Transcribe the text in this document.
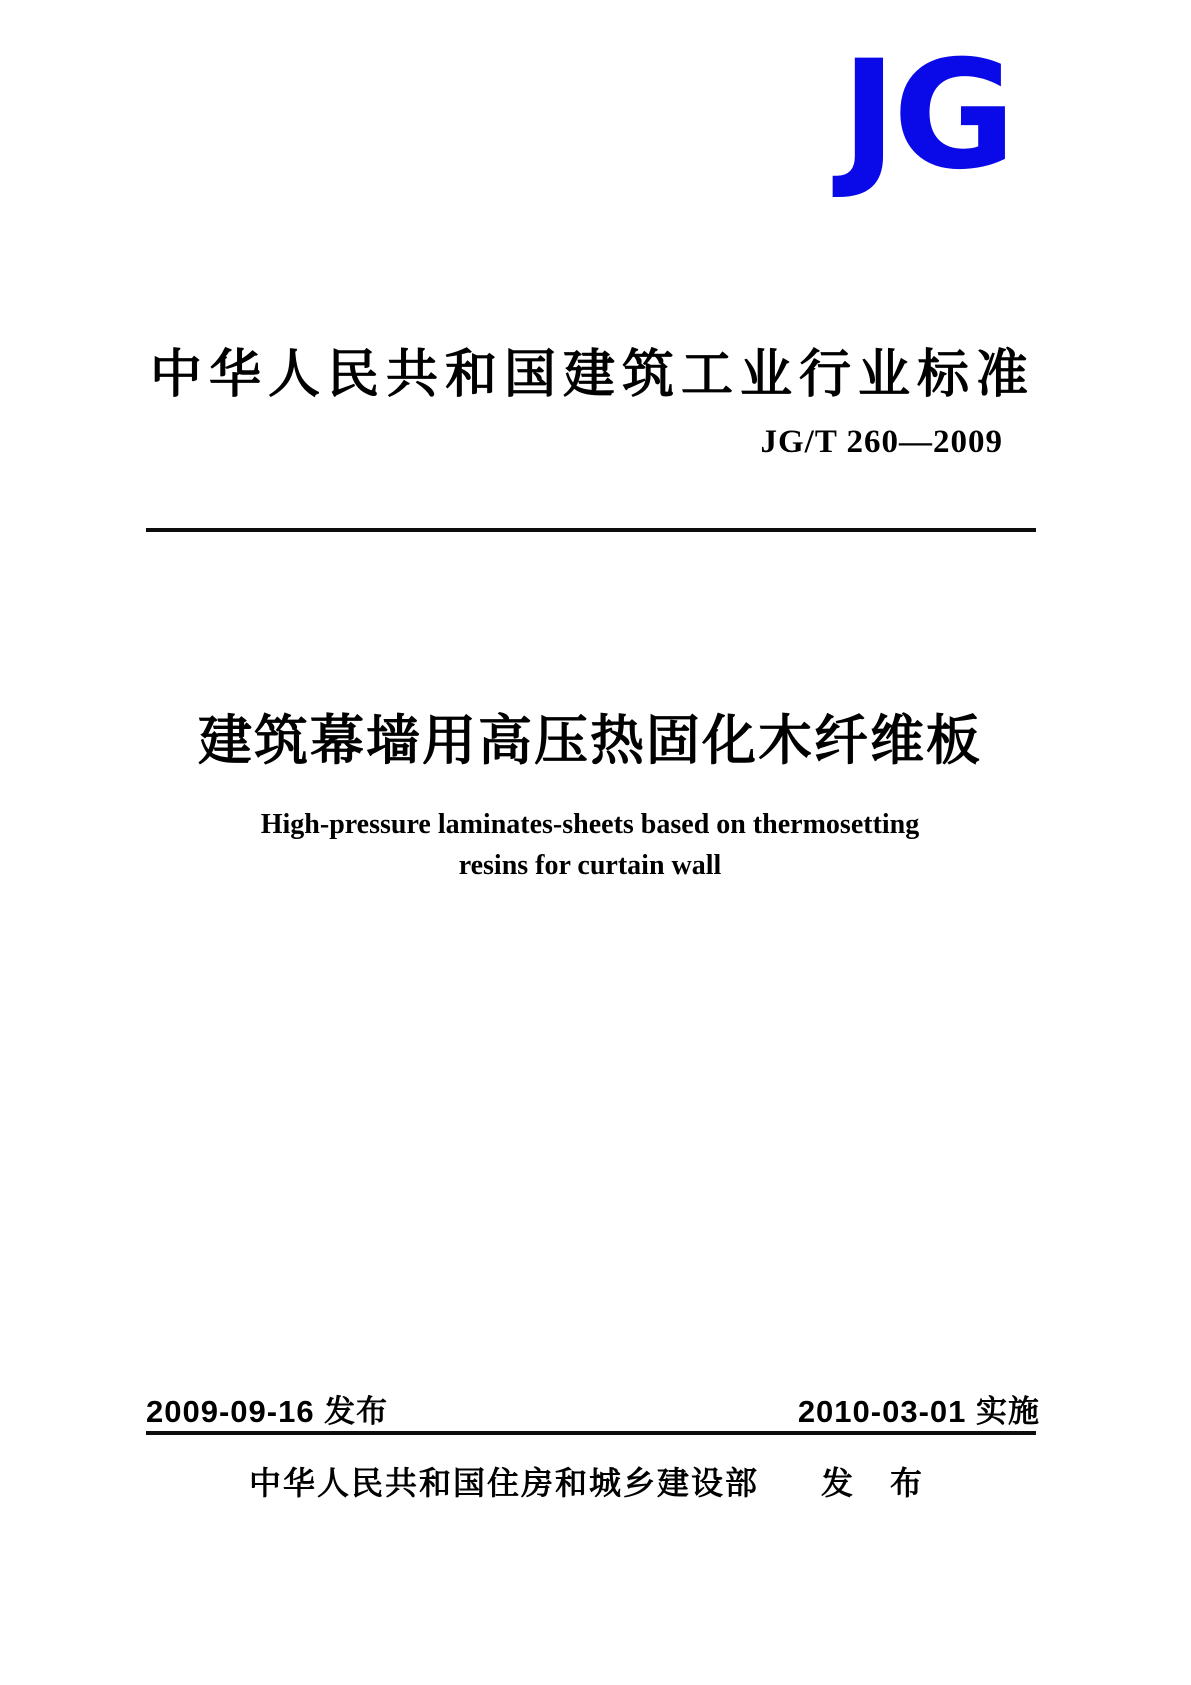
JG
中华人民共和国建筑工业行业标准
JG/T 260—2009
建筑幕墙用高压热固化木纤维板
High-pressure laminates-sheets based on thermosetting
resins for curtain wall
2009-09-16 发布	2010-03-01 实施
中华人民共和国住房和城乡建设部 发 布
